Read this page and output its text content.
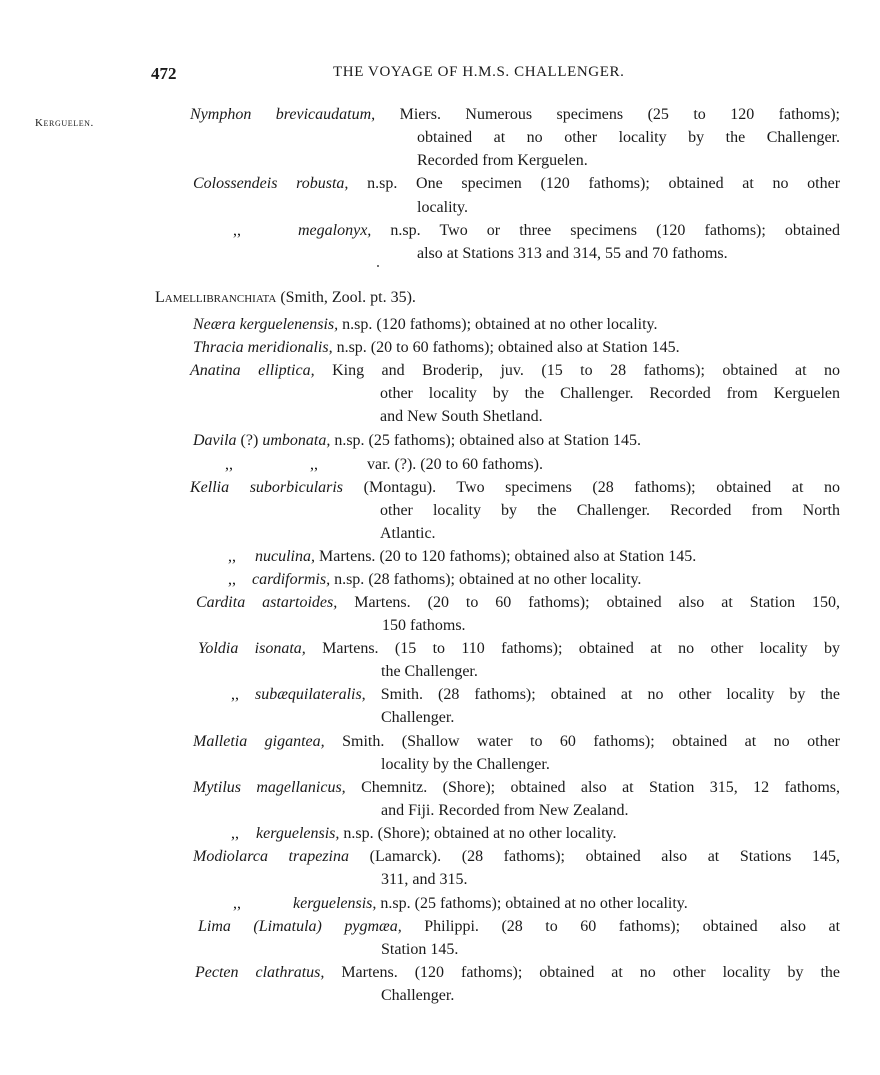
472	THE VOYAGE OF H.M.S. CHALLENGER.
Kerguelen.	Nymphon brevicaudatum, Miers. Numerous specimens (25 to 120 fathoms);
obtained at no other locality by the Challenger.
Recorded from Kerguelen.
Colossendeis robusta, n.sp. One specimen (120 fathoms); obtained at no other
locality.
,,	megalonyx, n.sp. Two or three specimens (120 fathoms); obtained
also at Stations 313 and 314, 55 and 70 fathoms.
Lamellibranchiata (Smith, Zool. pt. 35).
Neæra kerguelenensis, n.sp. (120 fathoms); obtained at no other locality.
Thracia meridionalis, n.sp. (20 to 60 fathoms); obtained also at Station 145.
Anatina elliptica, King and Broderip, juv. (15 to 28 fathoms); obtained at no
other locality by the Challenger. Recorded from Kerguelen
and New South Shetland.
Davila (?) umbonata, n.sp. (25 fathoms); obtained also at Station 145.
,,	,,	var. (?). (20 to 60 fathoms).
Kellia suborbicularis (Montagu). Two specimens (28 fathoms); obtained at no
other locality by the Challenger. Recorded from North
Atlantic.
,, nuculina, Martens. (20 to 120 fathoms); obtained also at Station 145.
,, cardiformis, n.sp. (28 fathoms); obtained at no other locality.
Cardita astartoides, Martens. (20 to 60 fathoms); obtained also at Station 150,
150 fathoms.
Yoldia isonata, Martens. (15 to 110 fathoms); obtained at no other locality by
the Challenger.
,, subæquilateralis, Smith. (28 fathoms); obtained at no other locality by the
Challenger.
Malletia gigantea, Smith. (Shallow water to 60 fathoms); obtained at no other
locality by the Challenger.
Mytilus magellanicus, Chemnitz. (Shore); obtained also at Station 315, 12 fathoms,
and Fiji. Recorded from New Zealand.
,, kerguelensis, n.sp. (Shore); obtained at no other locality.
Modiolarca trapezina (Lamarck). (28 fathoms); obtained also at Stations 145,
311, and 315.
,,	kerguelensis, n.sp. (25 fathoms); obtained at no other locality.
Lima (Limatula) pygmæa, Philippi. (28 to 60 fathoms); obtained also at
Station 145.
Pecten clathratus, Martens. (120 fathoms); obtained at no other locality by the
Challenger.
